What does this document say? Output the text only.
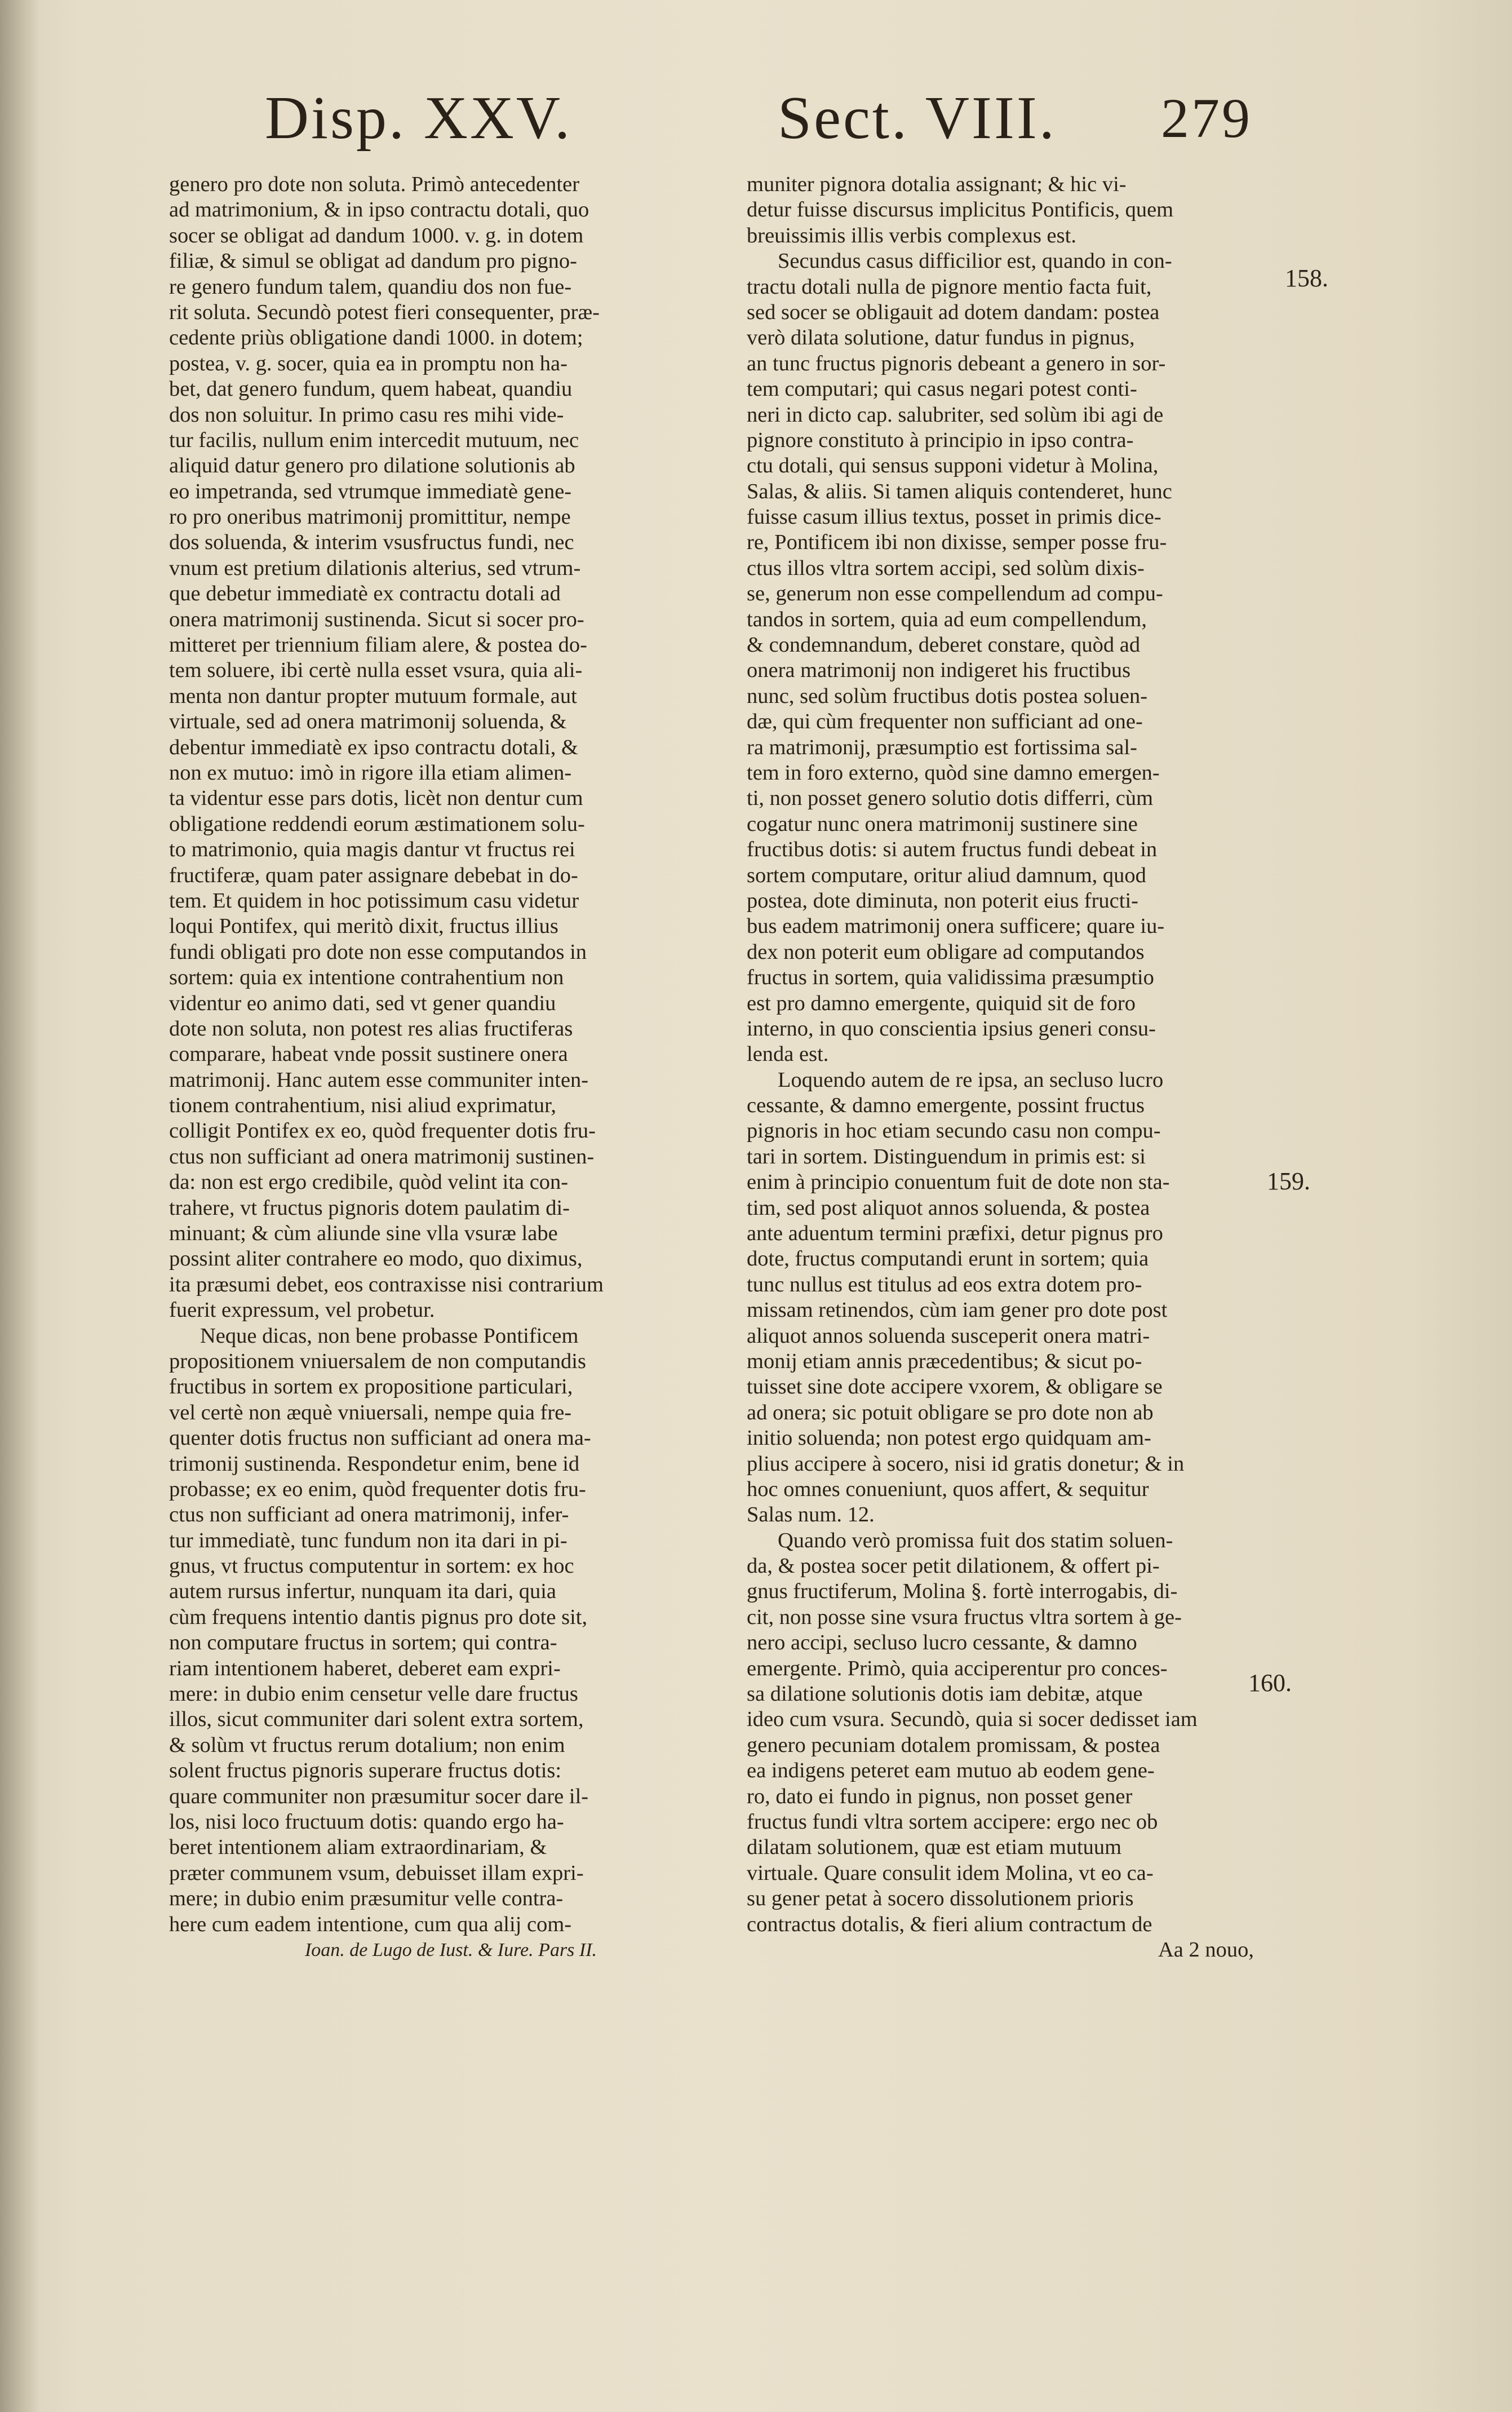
Disp. XXV.	Sect. VIII. 279
genero pro dote non soluta. Primò antecedenter
ad matrimonium, & in ipso contractu dotali, quo
socer se obligat ad dandum 1000. v. g. in dotem
filiæ, & simul se obligat ad dandum pro pigno-
re genero fundum talem, quandiu dos non fue-
rit soluta. Secundò potest fieri consequenter, præ-
cedente priùs obligatione dandi 1000. in dotem;
postea, v. g. socer, quia ea in promptu non ha-
bet, dat genero fundum, quem habeat, quandiu
dos non soluitur. In primo casu res mihi vide-
tur facilis, nullum enim intercedit mutuum, nec
aliquid datur genero pro dilatione solutionis ab
eo impetranda, sed vtrumque immediatè gene-
ro pro oneribus matrimonij promittitur, nempe
dos soluenda, & interim vsusfructus fundi, nec
vnum est pretium dilationis alterius, sed vtrum-
que debetur immediatè ex contractu dotali ad
onera matrimonij sustinenda. Sicut si socer pro-
mitteret per triennium filiam alere, & postea do-
tem soluere, ibi certè nulla esset vsura, quia ali-
menta non dantur propter mutuum formale, aut
virtuale, sed ad onera matrimonij soluenda, &
debentur immediatè ex ipso contractu dotali, &
non ex mutuo: imò in rigore illa etiam alimen-
ta videntur esse pars dotis, licèt non dentur cum
obligatione reddendi eorum æstimationem solu-
to matrimonio, quia magis dantur vt fructus rei
fructiferæ, quam pater assignare debebat in do-
tem. Et quidem in hoc potissimum casu videtur
loqui Pontifex, qui meritò dixit, fructus illius
fundi obligati pro dote non esse computandos in
sortem: quia ex intentione contrahentium non
videntur eo animo dati, sed vt gener quandiu
dote non soluta, non potest res alias fructiferas
comparare, habeat vnde possit sustinere onera
matrimonij. Hanc autem esse communiter inten-
tionem contrahentium, nisi aliud exprimatur,
colligit Pontifex ex eo, quòd frequenter dotis fru-
ctus non sufficiant ad onera matrimonij sustinen-
da: non est ergo credibile, quòd velint ita con-
trahere, vt fructus pignoris dotem paulatim di-
minuant; & cùm aliunde sine vlla vsuræ labe
possint aliter contrahere eo modo, quo diximus,
ita præsumi debet, eos contraxisse nisi contrarium
fuerit expressum, vel probetur.
Neque dicas, non bene probasse Pontificem
propositionem vniuersalem de non computandis
fructibus in sortem ex propositione particulari,
vel certè non æquè vniuersali, nempe quia fre-
quenter dotis fructus non sufficiant ad onera ma-
trimonij sustinenda. Respondetur enim, bene id
probasse; ex eo enim, quòd frequenter dotis fru-
ctus non sufficiant ad onera matrimonij, infer-
tur immediatè, tunc fundum non ita dari in pi-
gnus, vt fructus computentur in sortem: ex hoc
autem rursus infertur, nunquam ita dari, quia
cùm frequens intentio dantis pignus pro dote sit,
non computare fructus in sortem; qui contra-
riam intentionem haberet, deberet eam expri-
mere: in dubio enim censetur velle dare fructus
illos, sicut communiter dari solent extra sortem,
& solùm vt fructus rerum dotalium; non enim
solent fructus pignoris superare fructus dotis:
quare communiter non præsumitur socer dare il-
los, nisi loco fructuum dotis: quando ergo ha-
beret intentionem aliam extraordinariam, &
præter communem vsum, debuisset illam expri-
mere; in dubio enim præsumitur velle contra-
here cum eadem intentione, cum qua alij com-
Ioan. de Lugo de Iust. & Iure. Pars II.
muniter pignora dotalia assignant; & hic vi-
detur fuisse discursus implicitus Pontificis, quem
breuissimis illis verbis complexus est.
Secundus casus difficilior est, quando in con-
tractu dotali nulla de pignore mentio facta fuit,
sed socer se obligauit ad dotem dandam: postea
verò dilata solutione, datur fundus in pignus,
an tunc fructus pignoris debeant a genero in sor-
tem computari; qui casus negari potest conti-
neri in dicto cap. salubriter, sed solùm ibi agi de
pignore constituto à principio in ipso contra-
ctu dotali, qui sensus supponi videtur à Molina,
Salas, & aliis. Si tamen aliquis contenderet, hunc
fuisse casum illius textus, posset in primis dice-
re, Pontificem ibi non dixisse, semper posse fru-
ctus illos vltra sortem accipi, sed solùm dixis-
se, generum non esse compellendum ad compu-
tandos in sortem, quia ad eum compellendum,
& condemnandum, deberet constare, quòd ad
onera matrimonij non indigeret his fructibus
nunc, sed solùm fructibus dotis postea soluen-
dæ, qui cùm frequenter non sufficiant ad one-
ra matrimonij, præsumptio est fortissima sal-
tem in foro externo, quòd sine damno emergen-
ti, non posset genero solutio dotis differri, cùm
cogatur nunc onera matrimonij sustinere sine
fructibus dotis: si autem fructus fundi debeat in
sortem computare, oritur aliud damnum, quod
postea, dote diminuta, non poterit eius fructi-
bus eadem matrimonij onera sufficere; quare iu-
dex non poterit eum obligare ad computandos
fructus in sortem, quia validissima præsumptio
est pro damno emergente, quiquid sit de foro
interno, in quo conscientia ipsius generi consu-
lenda est.
Loquendo autem de re ipsa, an secluso lucro
cessante, & damno emergente, possint fructus
pignoris in hoc etiam secundo casu non compu-
tari in sortem. Distinguendum in primis est: si
enim à principio conuentum fuit de dote non sta-
tim, sed post aliquot annos soluenda, & postea
ante aduentum termini præfixi, detur pignus pro
dote, fructus computandi erunt in sortem; quia
tunc nullus est titulus ad eos extra dotem pro-
missam retinendos, cùm iam gener pro dote post
aliquot annos soluenda susceperit onera matri-
monij etiam annis præcedentibus; & sicut po-
tuisset sine dote accipere vxorem, & obligare se
ad onera; sic potuit obligare se pro dote non ab
initio soluenda; non potest ergo quidquam am-
plius accipere à socero, nisi id gratis donetur; & in
hoc omnes conueniunt, quos affert, & sequitur
Salas num. 12.
Quando verò promissa fuit dos statim soluen-
da, & postea socer petit dilationem, & offert pi-
gnus fructiferum, Molina §. fortè interrogabis, di-
cit, non posse sine vsura fructus vltra sortem à ge-
nero accipi, secluso lucro cessante, & damno
emergente. Primò, quia acciperentur pro conces-
sa dilatione solutionis dotis iam debitæ, atque
ideo cum vsura. Secundò, quia si socer dedisset iam
genero pecuniam dotalem promissam, & postea
ea indigens peteret eam mutuo ab eodem gene-
ro, dato ei fundo in pignus, non posset gener
fructus fundi vltra sortem accipere: ergo nec ob
dilatam solutionem, quæ est etiam mutuum
virtuale. Quare consulit idem Molina, vt eo ca-
su gener petat à socero dissolutionem prioris
contractus dotalis, & fieri alium contractum de
Aa 2 nouo,
158.
159.
160.
